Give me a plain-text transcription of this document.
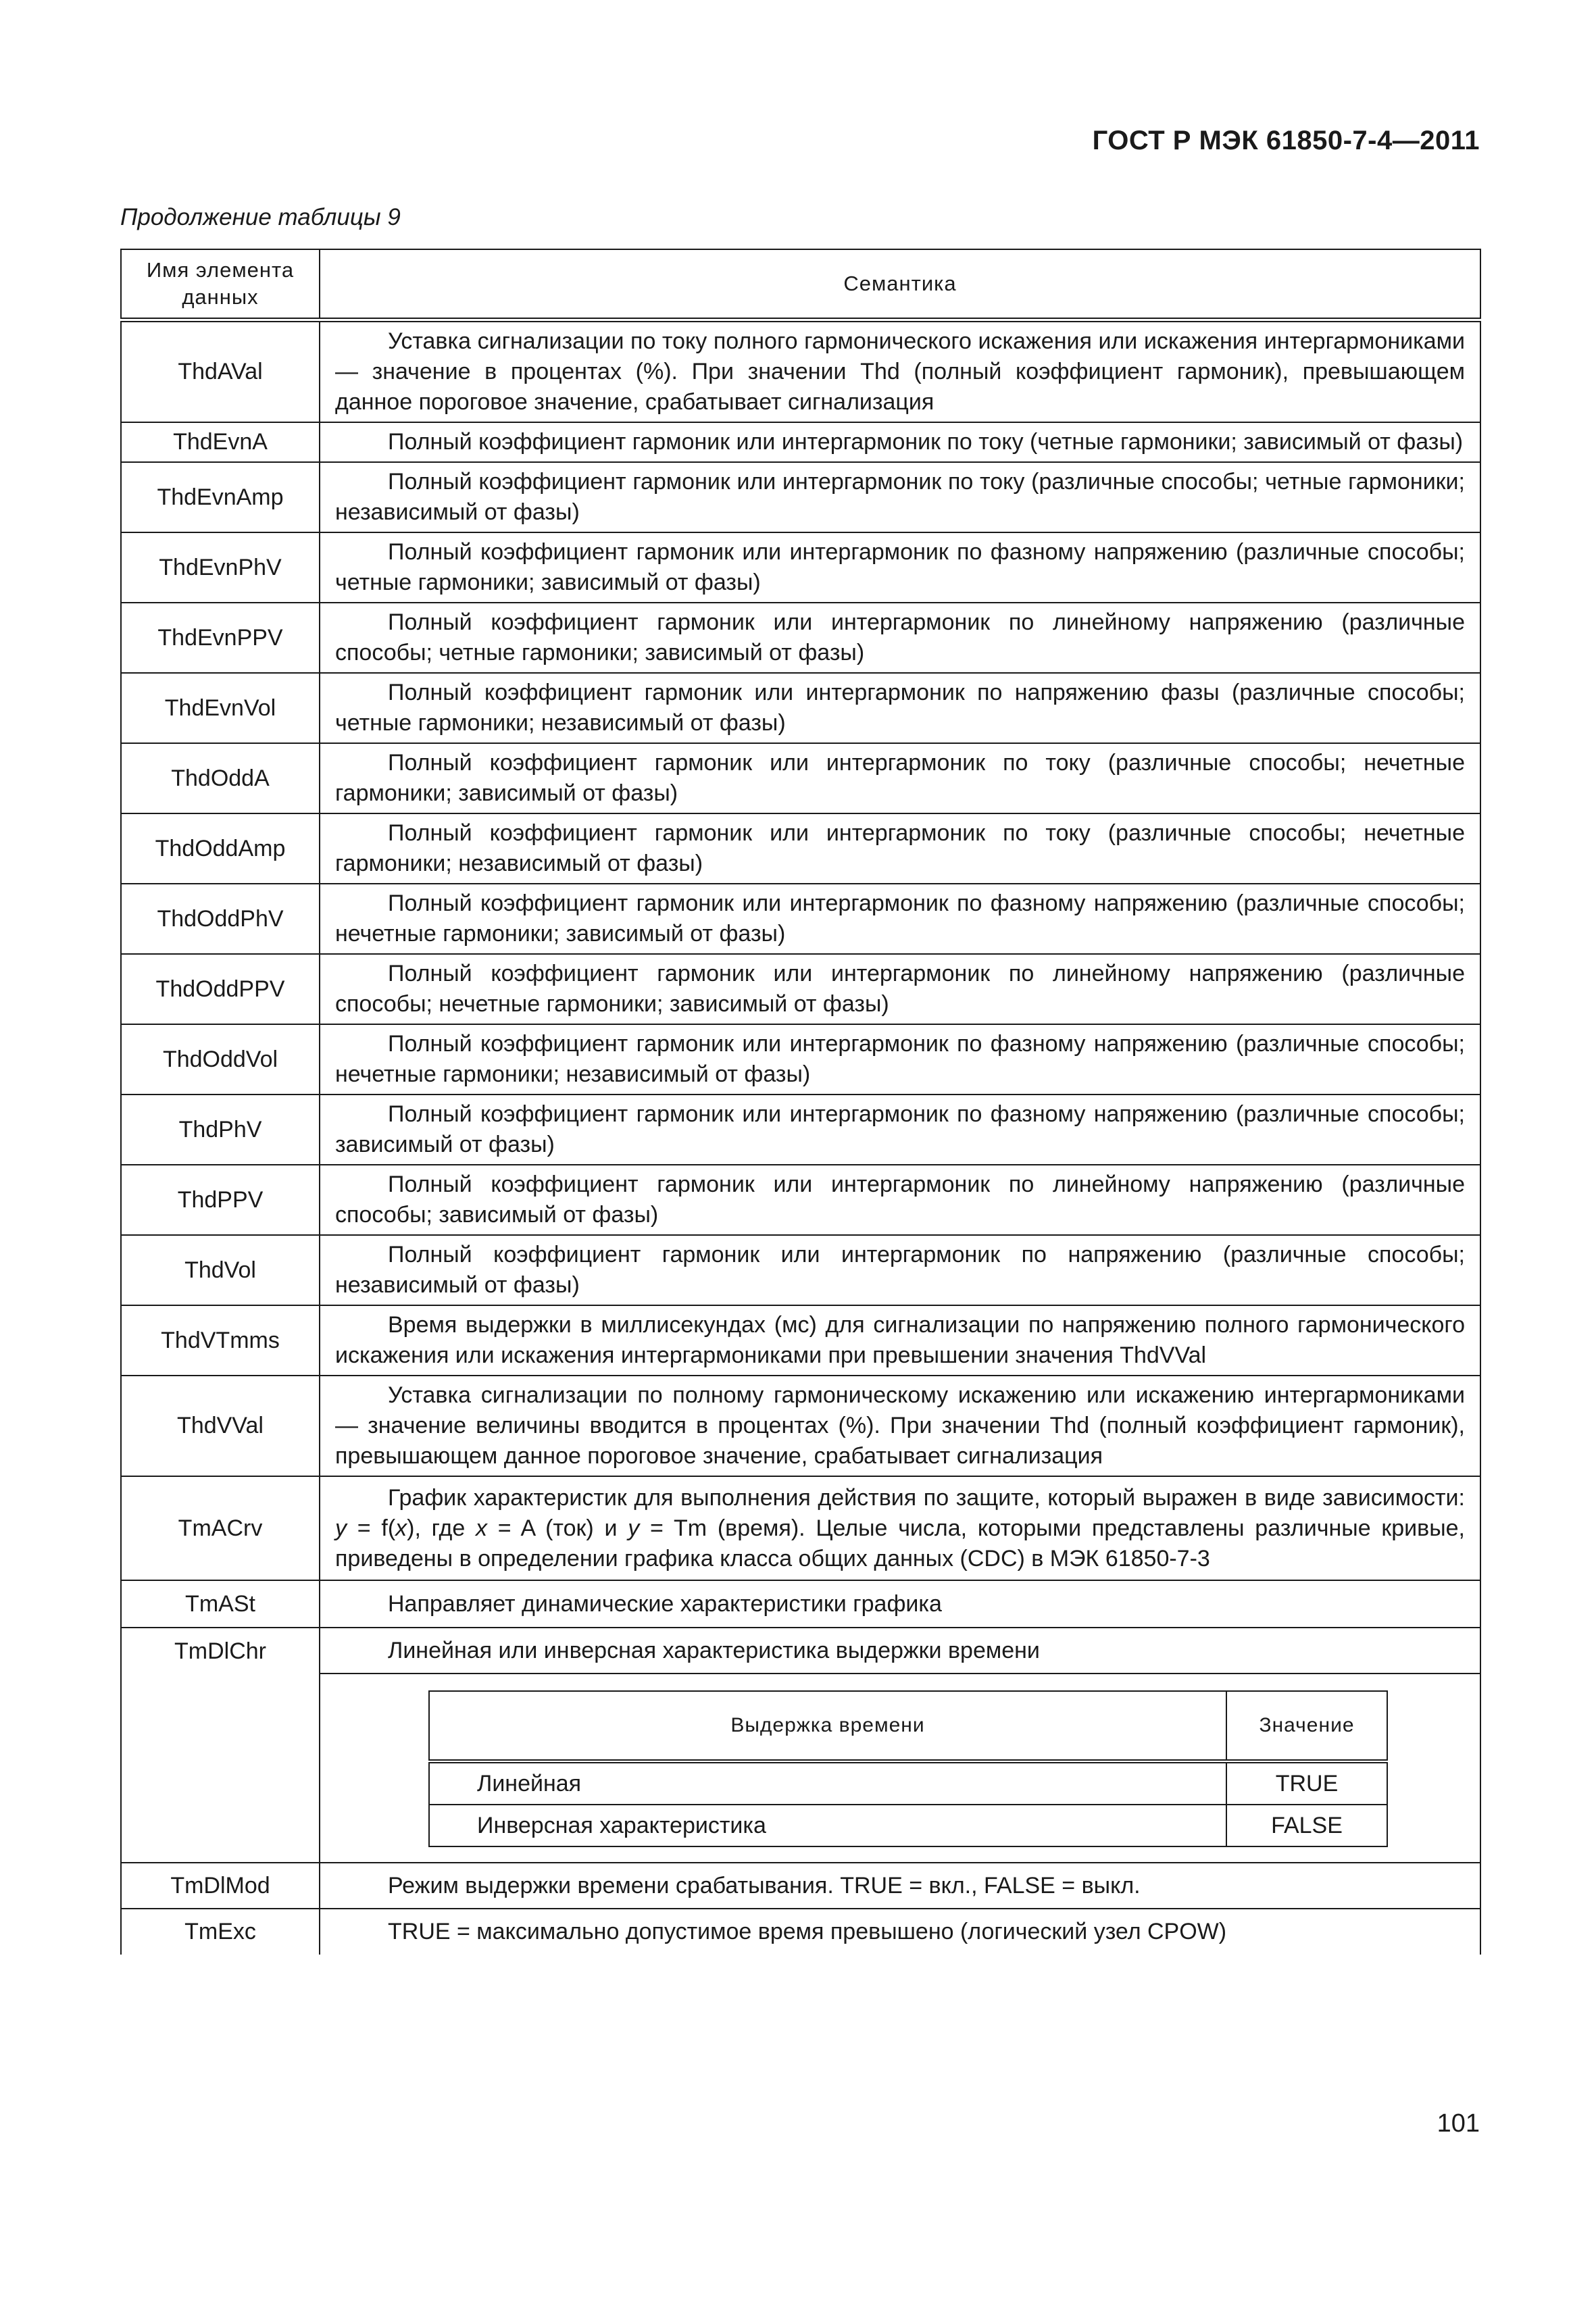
ГОСТ Р МЭК 61850-7-4—2011
Продолжение таблицы 9
Имя элемента данных	Семантика
ThdAVal	Уставка сигнализации по току полного гармонического искажения или искажения интергармониками — значение в процентах (%). При значении Thd (полный коэффициент гармоник), превышающем данное пороговое значение, срабатывает сигнализация
ThdEvnA	Полный коэффициент гармоник или интергармоник по току (четные гармоники; зависимый от фазы)
ThdEvnAmp	Полный коэффициент гармоник или интергармоник по току (различные способы; четные гармоники; независимый от фазы)
ThdEvnPhV	Полный коэффициент гармоник или интергармоник по фазному напряжению (различные способы; четные гармоники; зависимый от фазы)
ThdEvnPPV	Полный коэффициент гармоник или интергармоник по линейному напряжению (различные способы; четные гармоники; зависимый от фазы)
ThdEvnVol	Полный коэффициент гармоник или интергармоник по напряжению фазы (различные способы; четные гармоники; независимый от фазы)
ThdOddA	Полный коэффициент гармоник или интергармоник по току (различные способы; нечетные гармоники; зависимый от фазы)
ThdOddAmp	Полный коэффициент гармоник или интергармоник по току (различные способы; нечетные гармоники; независимый от фазы)
ThdOddPhV	Полный коэффициент гармоник или интергармоник по фазному напряжению (различные способы; нечетные гармоники; зависимый от фазы)
ThdOddPPV	Полный коэффициент гармоник или интергармоник по линейному напряжению (различные способы; нечетные гармоники; зависимый от фазы)
ThdOddVol	Полный коэффициент гармоник или интергармоник по фазному напряжению (различные способы; нечетные гармоники; независимый от фазы)
ThdPhV	Полный коэффициент гармоник или интергармоник по фазному напряжению (различные способы; зависимый от фазы)
ThdPPV	Полный коэффициент гармоник или интергармоник по линейному напряжению (различные способы; зависимый от фазы)
ThdVol	Полный коэффициент гармоник или интергармоник по напряжению (различные способы; независимый от фазы)
ThdVTmms	Время выдержки в миллисекундах (мс) для сигнализации по напряжению полного гармонического искажения или искажения интергармониками при превышении значения ThdVVal
ThdVVal	Уставка сигнализации по полному гармоническому искажению или искажению интергармониками — значение величины вводится в процентах (%). При значении Thd (полный коэффициент гармоник), превышающем данное пороговое значение, срабатывает сигнализация
TmACrv	График характеристик для выполнения действия по защите, который выражен в виде зависимости: y = f(x), где x = A (ток) и y = Tm (время). Целые числа, которыми представлены различные кривые, приведены в определении графика класса общих данных (CDC) в МЭК 61850-7-3
TmASt	Направляет динамические характеристики графика
TmDlChr	Линейная или инверсная характеристика выдержки времени

Выдержка времени	Значение
Линейная	TRUE
Инверсная характеристика	FALSE

TmDlMod	Режим выдержки времени срабатывания. TRUE = вкл., FALSE = выкл.
TmExc	TRUE = максимально допустимое время превышено (логический узел CPOW)
101
